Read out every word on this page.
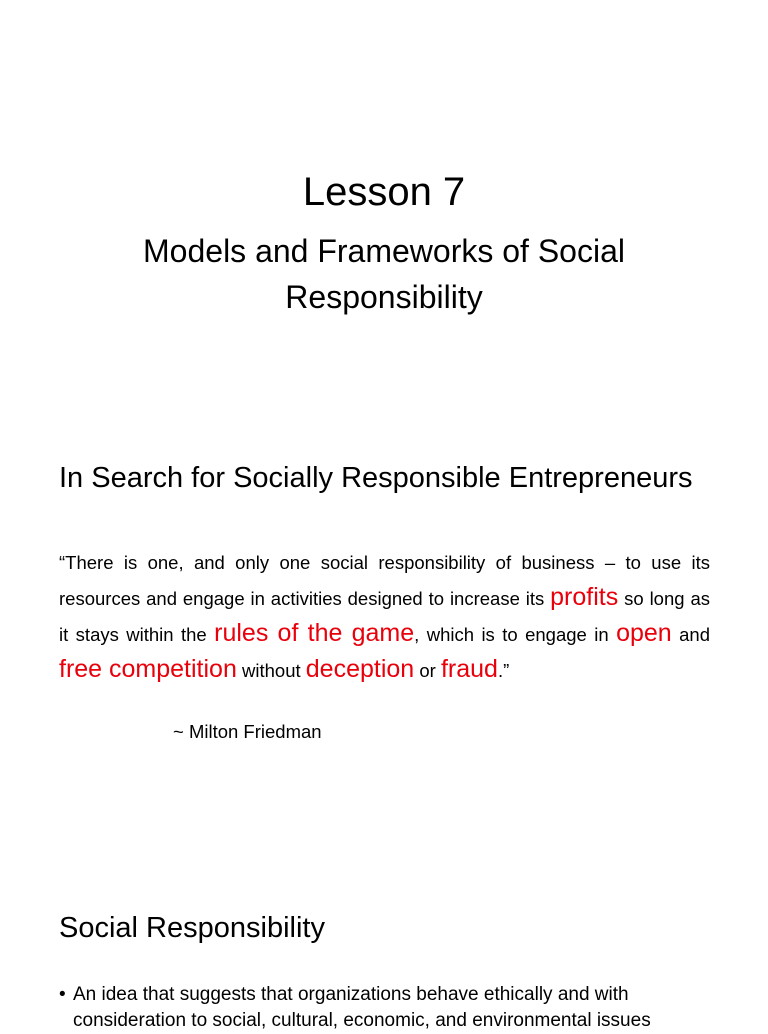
Lesson 7
Models and Frameworks of Social Responsibility
In Search for Socially Responsible Entrepreneurs
“There is one, and only one social responsibility of business – to use its resources and engage in activities designed to increase its profits so long as it stays within the rules of the game, which is to engage in open and free competition without deception or fraud.”
~ Milton Friedman
Social Responsibility
• An idea that suggests that organizations behave ethically and with consideration to social, cultural, economic, and environmental issues
